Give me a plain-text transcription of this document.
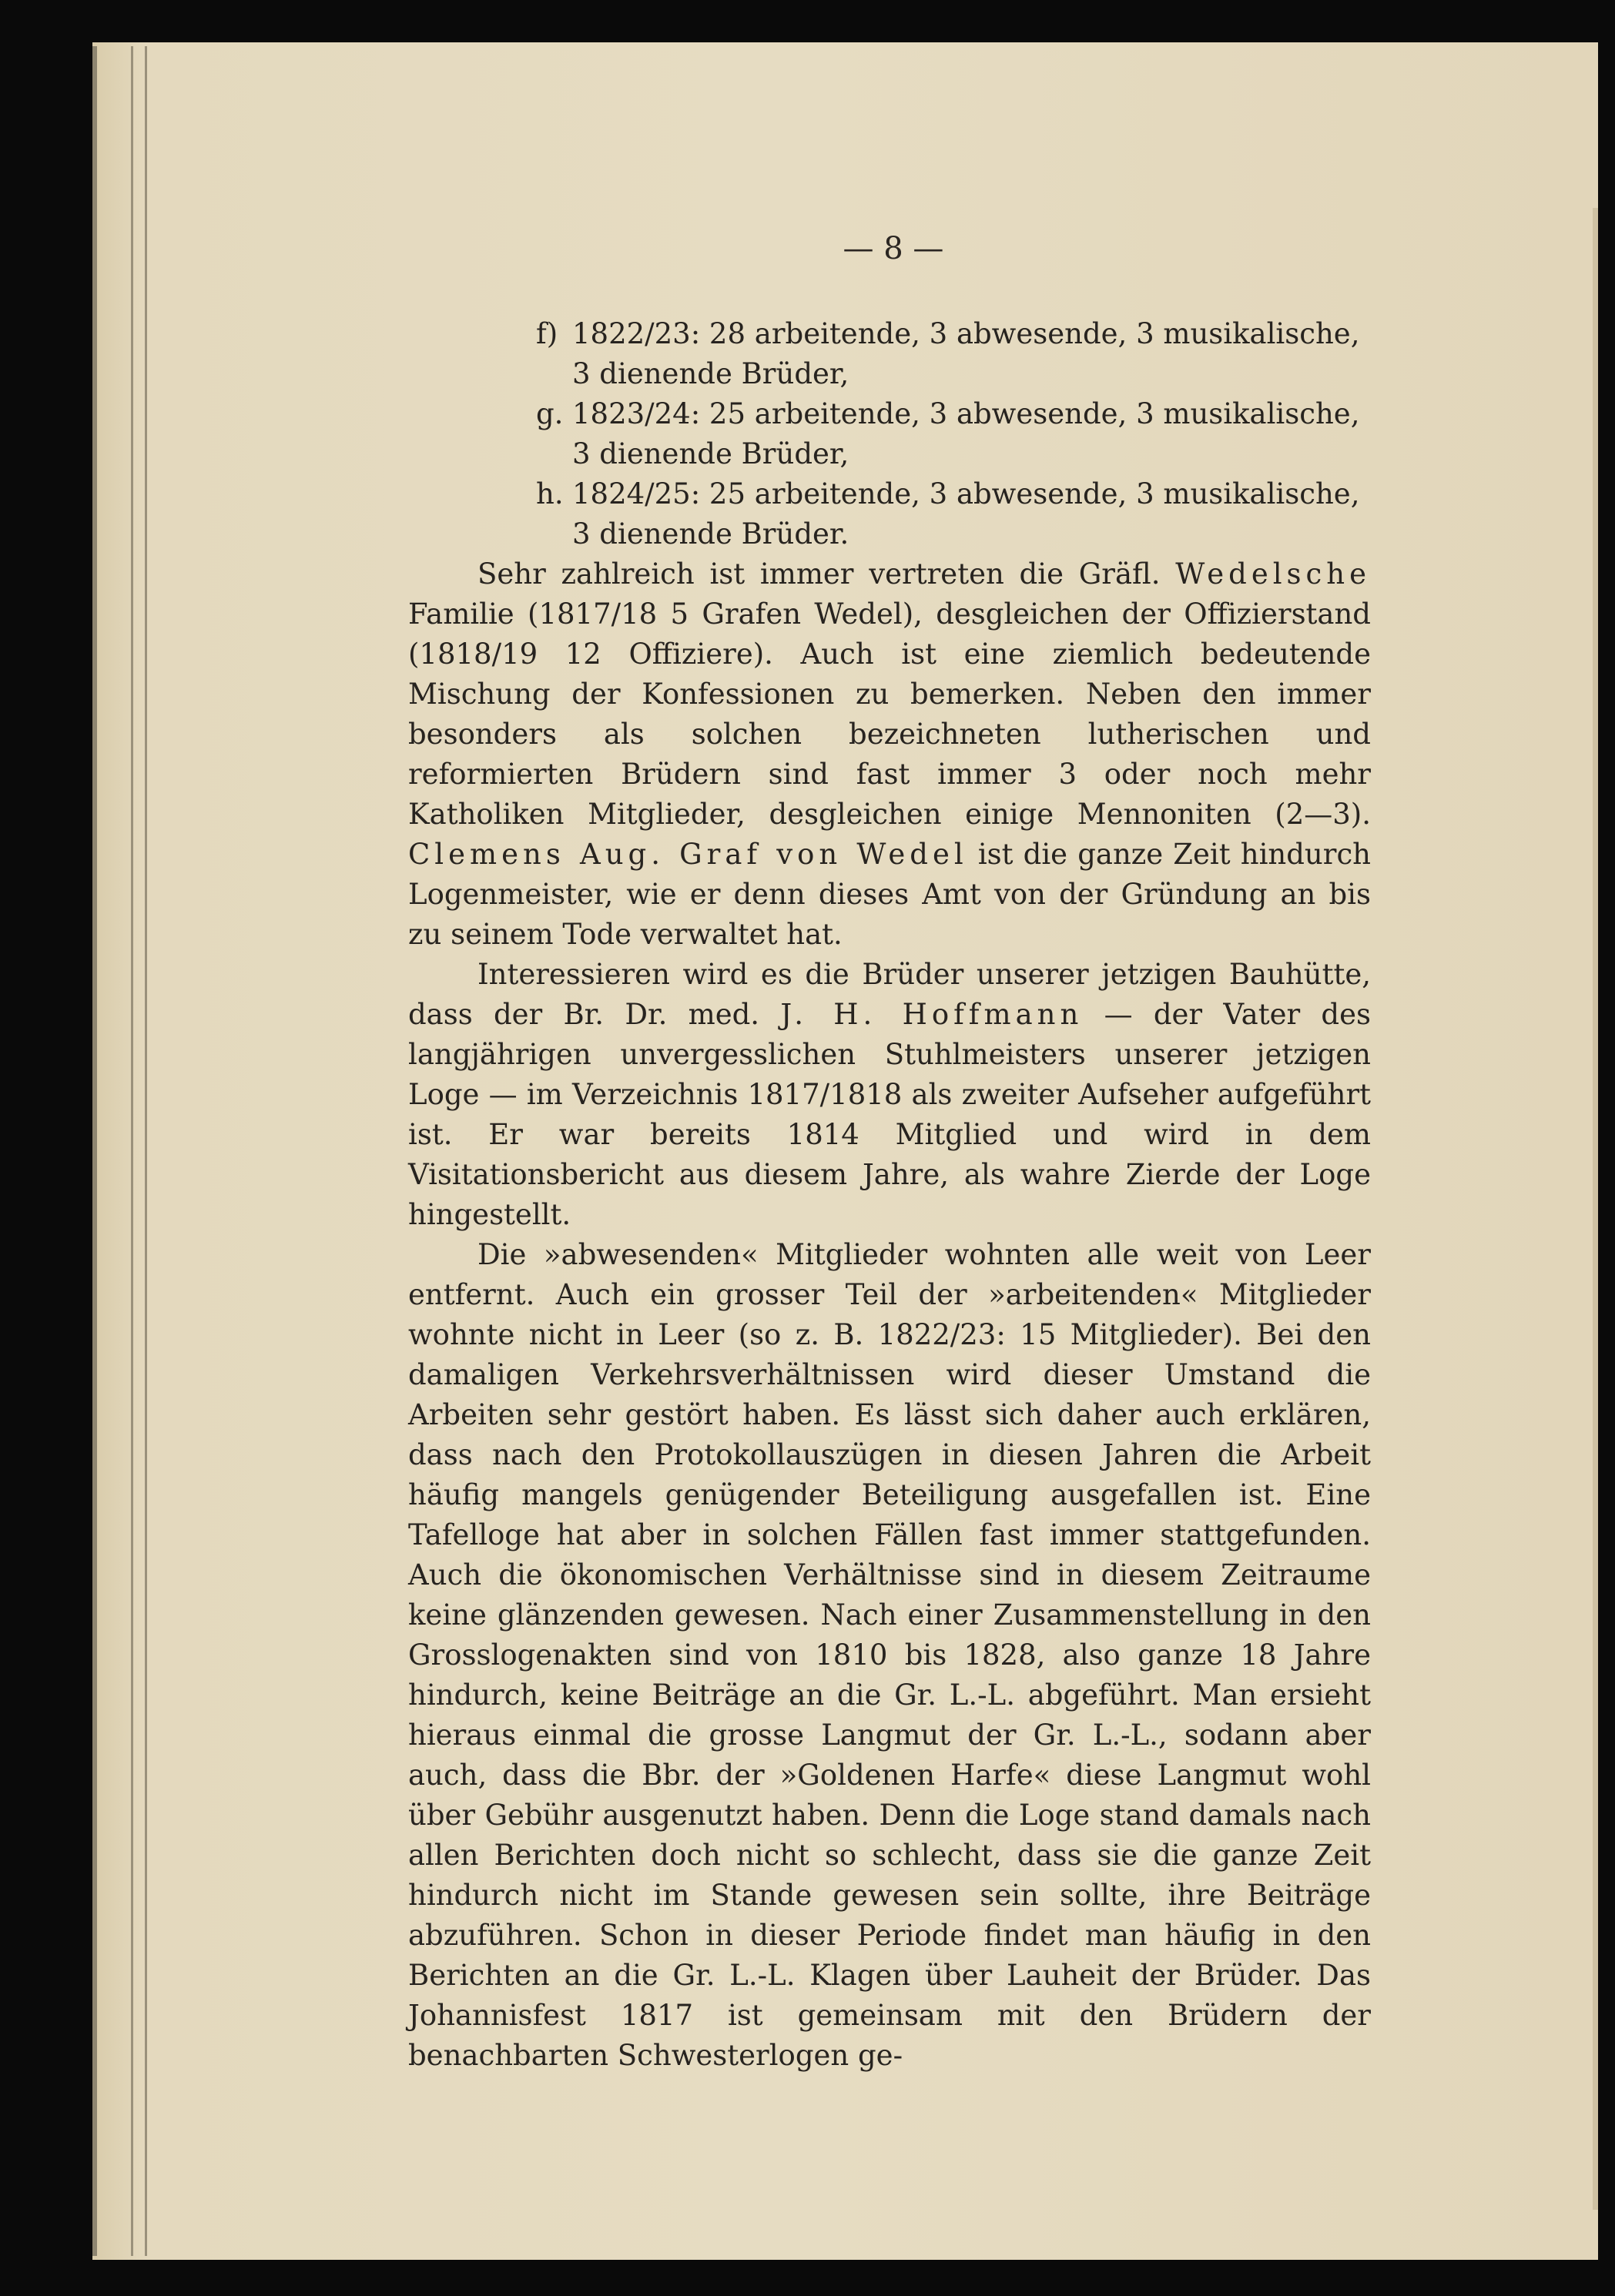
— 8 —

f) 1822/23: 28 arbeitende, 3 abwesende, 3 musikalische,
3 dienende Brüder,

g. 1823/24: 25 arbeitende, 3 abwesende, 3 musikalische,
3 dienende Brüder,

h. 1824/25: 25 arbeitende, 3 abwesende, 3 musikalische,
3 dienende Brüder.

Sehr zahlreich ist immer vertreten die Gräfl. Wedelsche Familie (1817/18 5 Grafen Wedel), desgleichen der Offizierstand (1818/19 12 Offiziere). Auch ist eine ziemlich bedeutende Mischung der Konfessionen zu bemerken. Neben den immer besonders als solchen bezeichneten lutherischen und reformierten Brüdern sind fast immer 3 oder noch mehr Katholiken Mitglieder, desgleichen einige Mennoniten (2—3). Clemens Aug. Graf von Wedel ist die ganze Zeit hindurch Logenmeister, wie er denn dieses Amt von der Gründung an bis zu seinem Tode verwaltet hat.

Interessieren wird es die Brüder unserer jetzigen Bauhütte, dass der Br. Dr. med. J. H. Hoffmann — der Vater des langjährigen unvergesslichen Stuhlmeisters unserer jetzigen Loge — im Verzeichnis 1817/1818 als zweiter Aufseher aufgeführt ist. Er war bereits 1814 Mitglied und wird in dem Visitationsbericht aus diesem Jahre, als wahre Zierde der Loge hingestellt.

Die »abwesenden« Mitglieder wohnten alle weit von Leer entfernt. Auch ein grosser Teil der »arbeitenden« Mitglieder wohnte nicht in Leer (so z. B. 1822/23: 15 Mitglieder). Bei den damaligen Verkehrsverhältnissen wird dieser Umstand die Arbeiten sehr gestört haben. Es lässt sich daher auch erklären, dass nach den Protokollauszügen in diesen Jahren die Arbeit häufig mangels genügender Beteiligung ausgefallen ist. Eine Tafelloge hat aber in solchen Fällen fast immer stattgefunden. Auch die ökonomischen Verhältnisse sind in diesem Zeitraume keine glänzenden gewesen. Nach einer Zusammenstellung in den Grosslogenakten sind von 1810 bis 1828, also ganze 18 Jahre hindurch, keine Beiträge an die Gr. L.-L. abgeführt. Man ersieht hieraus einmal die grosse Langmut der Gr. L.-L., sodann aber auch, dass die Bbr. der »Goldenen Harfe« diese Langmut wohl über Gebühr ausgenutzt haben. Denn die Loge stand damals nach allen Berichten doch nicht so schlecht, dass sie die ganze Zeit hindurch nicht im Stande gewesen sein sollte, ihre Beiträge abzuführen. Schon in dieser Periode findet man häufig in den Berichten an die Gr. L.-L. Klagen über Lauheit der Brüder. Das Johannisfest 1817 ist gemeinsam mit den Brüdern der benachbarten Schwesterlogen ge-
